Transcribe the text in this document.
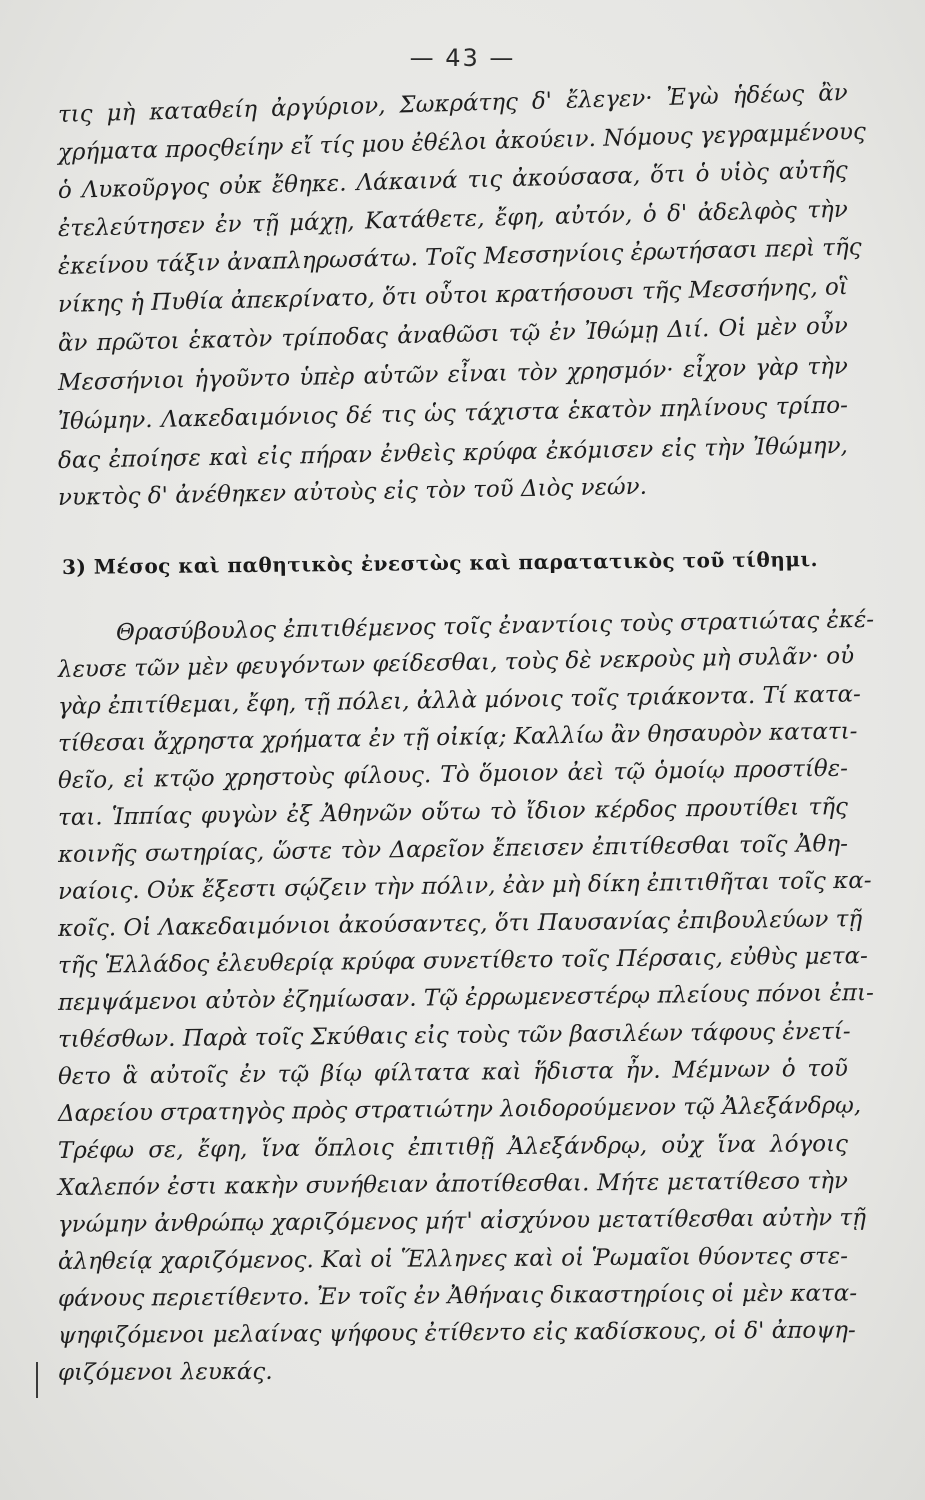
— 43 —
τις μὴ καταθείη ἀργύριον, Σωκράτης δ' ἔλεγεν· Ἐγὼ ἡδέως ἂν
χρήματα προςθείην εἴ τίς μου ἐθέλοι ἀκούειν. Νόμους γεγραμμένους
ὁ Λυκοῦργος οὐκ ἔθηκε. Λάκαινά τις ἀκούσασα, ὅτι ὁ υἱὸς αὐτῆς
ἐτελεύτησεν ἐν τῇ μάχῃ, Κατάθετε, ἔφη, αὐτόν, ὁ δ' ἀδελφὸς τὴν
ἐκείνου τάξιν ἀναπληρωσάτω. Τοῖς Μεσσηνίοις ἐρωτήσασι περὶ τῆς
νίκης ἡ Πυθία ἀπεκρίνατο, ὅτι οὗτοι κρατήσουσι τῆς Μεσσήνης, οἳ
ἂν πρῶτοι ἑκατὸν τρίποδας ἀναθῶσι τῷ ἐν Ἰθώμῃ Διί. Οἱ μὲν οὖν
Μεσσήνιοι ἡγοῦντο ὑπὲρ αὑτῶν εἶναι τὸν χρησμόν· εἶχον γὰρ τὴν
Ἰθώμην. Λακεδαιμόνιος δέ τις ὡς τάχιστα ἑκατὸν πηλίνους τρίπο-
δας ἐποίησε καὶ εἰς πήραν ἐνθεὶς κρύφα ἐκόμισεν εἰς τὴν Ἰθώμην,
νυκτὸς δ' ἀνέθηκεν αὐτοὺς εἰς τὸν τοῦ Διὸς νεών.
3) Μέσος καὶ παθητικὸς ἐνεστὼς καὶ παρατατικὸς τοῦ τίθημι.
Θρασύβουλος ἐπιτιθέμενος τοῖς ἐναντίοις τοὺς στρατιώτας ἐκέ-
λευσε τῶν μὲν φευγόντων φείδεσθαι, τοὺς δὲ νεκροὺς μὴ συλᾶν· οὐ
γὰρ ἐπιτίθεμαι, ἔφη, τῇ πόλει, ἀλλὰ μόνοις τοῖς τριάκοντα. Τί κατα-
τίθεσαι ἄχρηστα χρήματα ἐν τῇ οἰκίᾳ; Καλλίω ἂν θησαυρὸν κατατι-
θεῖο, εἰ κτῷο χρηστοὺς φίλους. Τὸ ὅμοιον ἀεὶ τῷ ὁμοίῳ προστίθε-
ται. Ἱππίας φυγὼν ἐξ Ἀθηνῶν οὕτω τὸ ἴδιον κέρδος προυτίθει τῆς
κοινῆς σωτηρίας, ὥστε τὸν Δαρεῖον ἔπεισεν ἐπιτίθεσθαι τοῖς Ἀθη-
ναίοις. Οὐκ ἔξεστι σῴζειν τὴν πόλιν, ἐὰν μὴ δίκη ἐπιτιθῆται τοῖς κα-
κοῖς. Οἱ Λακεδαιμόνιοι ἀκούσαντες, ὅτι Παυσανίας ἐπιβουλεύων τῇ
τῆς Ἑλλάδος ἐλευθερίᾳ κρύφα συνετίθετο τοῖς Πέρσαις, εὐθὺς μετα-
πεμψάμενοι αὐτὸν ἐζημίωσαν. Τῷ ἐρρωμενεστέρῳ πλείους πόνοι ἐπι-
τιθέσθων. Παρὰ τοῖς Σκύθαις εἰς τοὺς τῶν βασιλέων τάφους ἐνετί-
θετο ἃ αὐτοῖς ἐν τῷ βίῳ φίλτατα καὶ ἥδιστα ἦν. Μέμνων ὁ τοῦ
Δαρείου στρατηγὸς πρὸς στρατιώτην λοιδορούμενον τῷ Ἀλεξάνδρῳ,
Τρέφω σε, ἔφη, ἵνα ὅπλοις ἐπιτιθῇ Ἀλεξάνδρῳ, οὐχ ἵνα λόγοις
Χαλεπόν ἐστι κακὴν συνήθειαν ἀποτίθεσθαι. Μήτε μετατίθεσο τὴν
γνώμην ἀνθρώπῳ χαριζόμενος μήτ' αἰσχύνου μετατίθεσθαι αὐτὴν τῇ
ἀληθείᾳ χαριζόμενος. Καὶ οἱ Ἕλληνες καὶ οἱ Ῥωμαῖοι θύοντες στε-
φάνους περιετίθεντο. Ἐν τοῖς ἐν Ἀθήναις δικαστηρίοις οἱ μὲν κατα-
ψηφιζόμενοι μελαίνας ψήφους ἐτίθεντο εἰς καδίσκους, οἱ δ' ἀποψη-
φιζόμενοι λευκάς.
